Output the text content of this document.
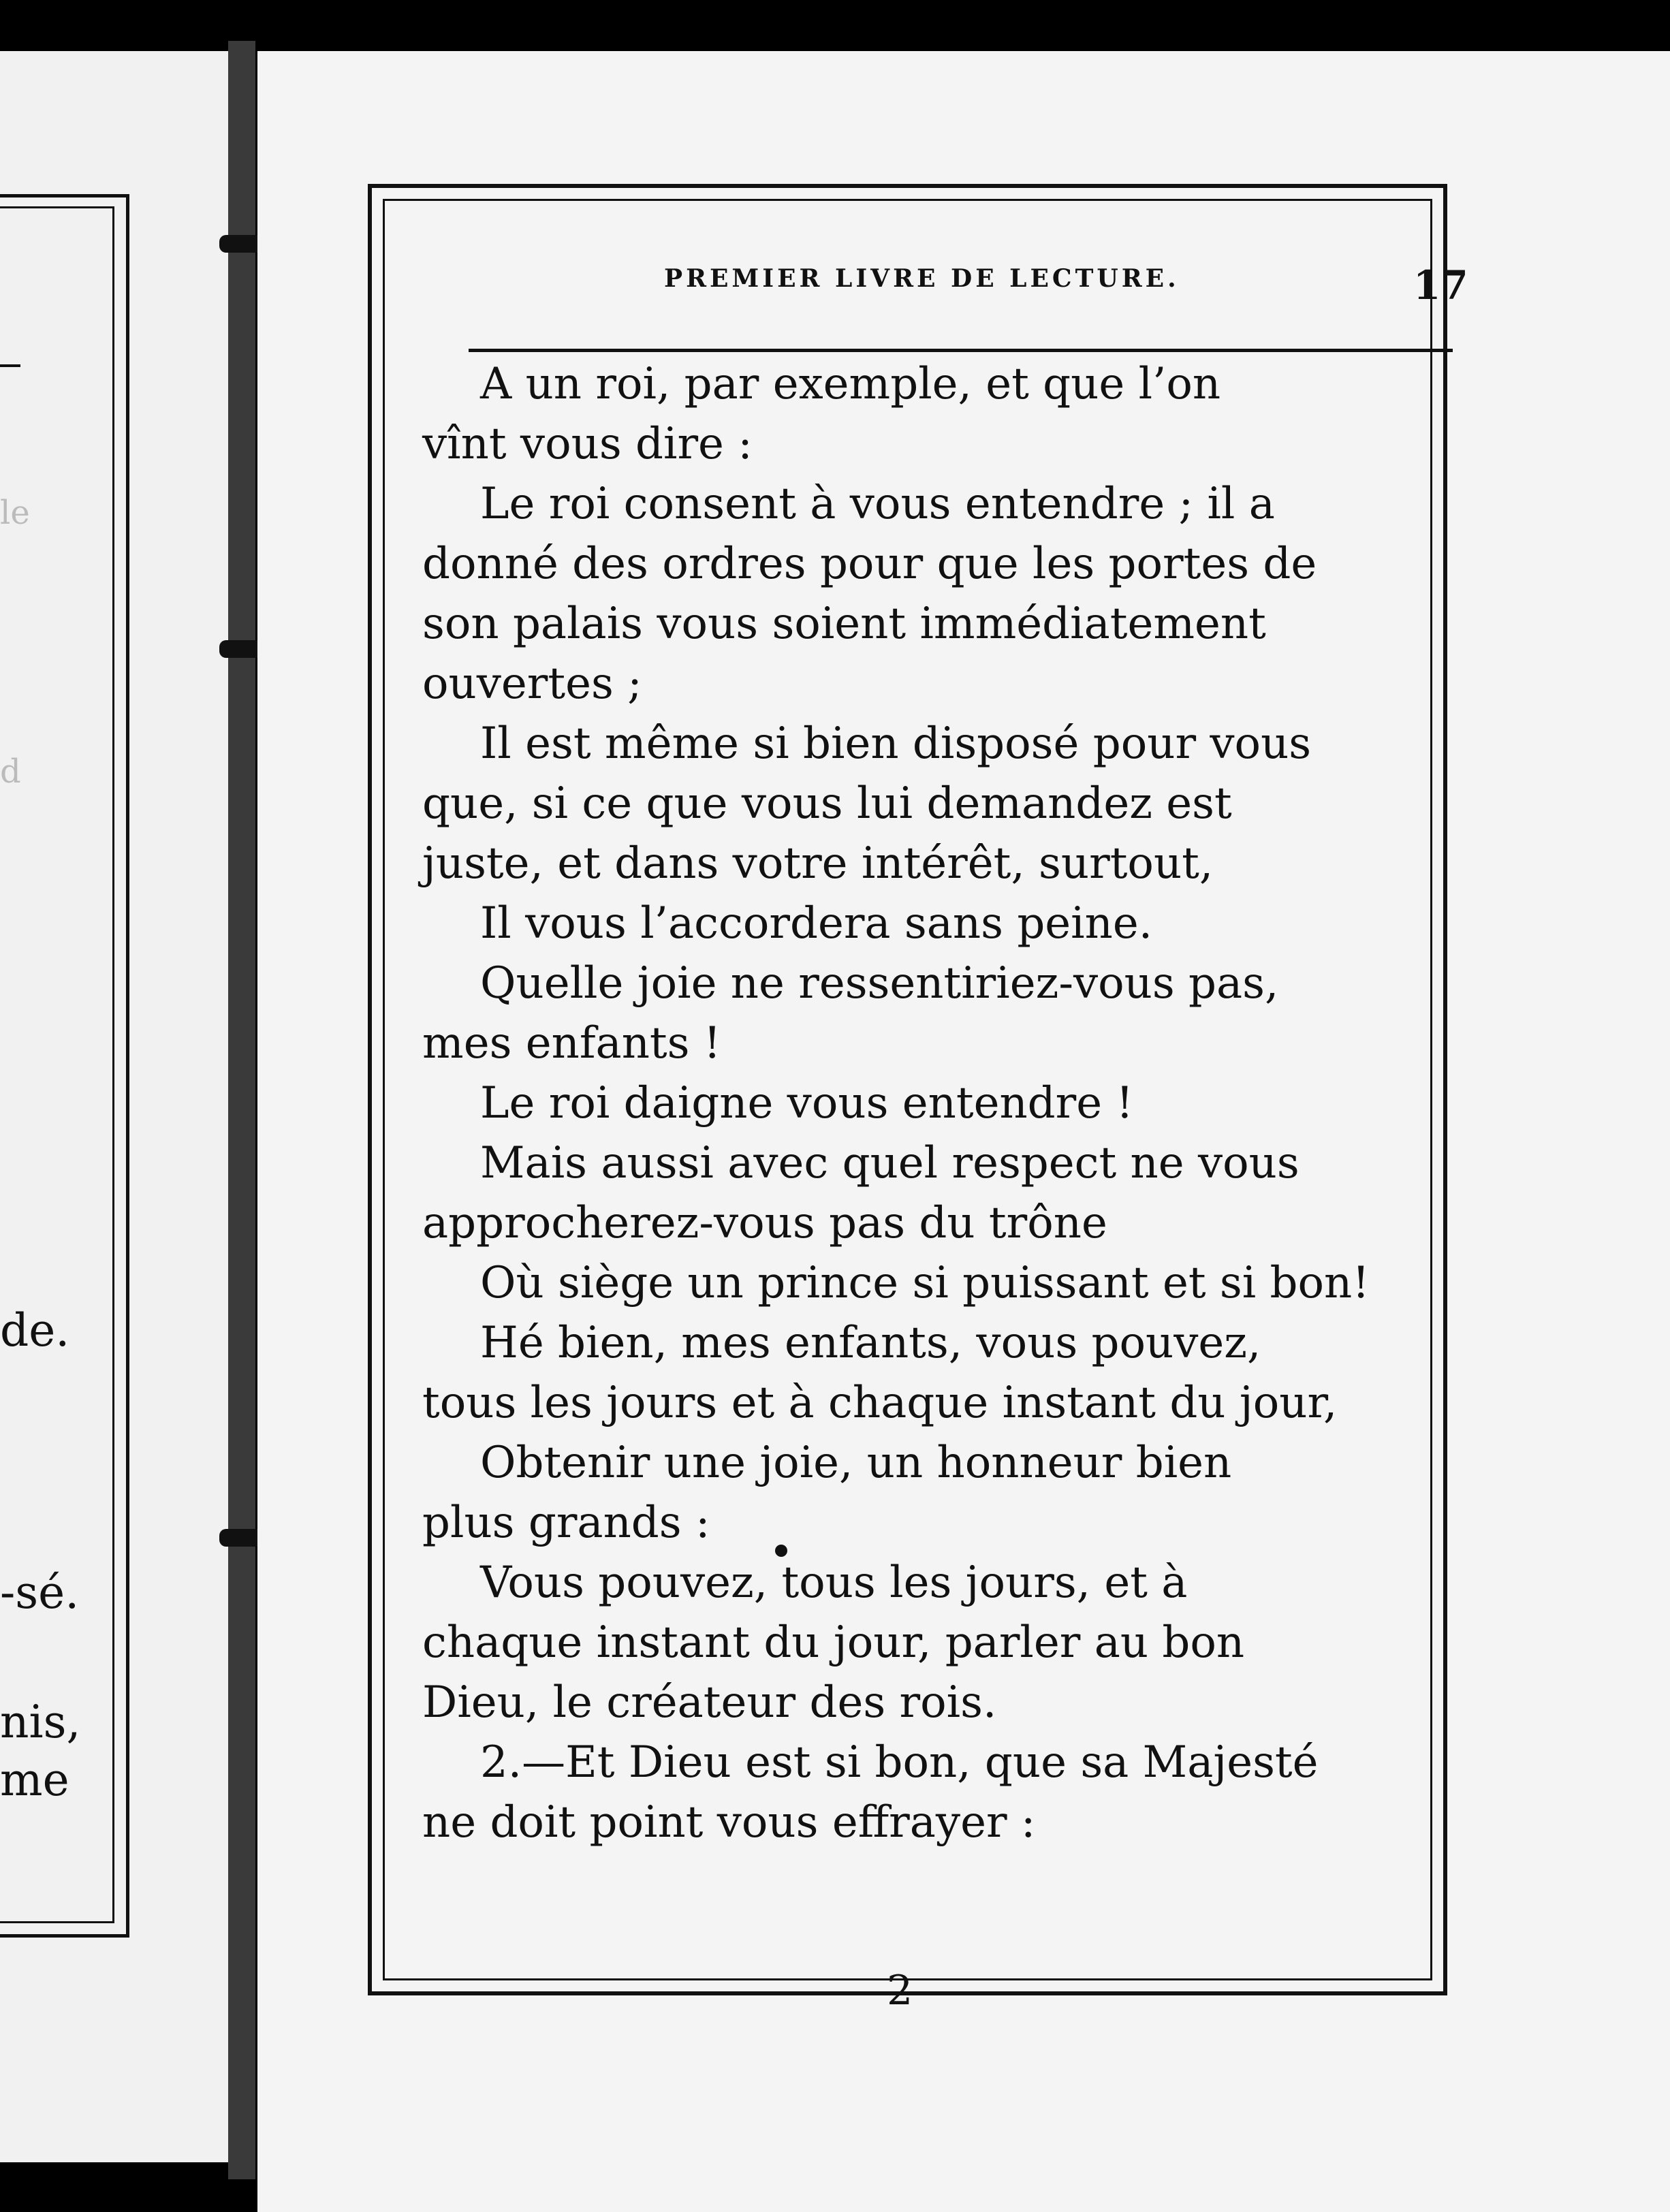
le
d
de.
-sé.
nis,
me
PREMIER LIVRE DE LECTURE.	17
A un roi, par exemple, et que l’on
vînt vous dire :
Le roi consent à vous entendre ; il a
donné des ordres pour que les portes de
son palais vous soient immédiatement
ouvertes ;
Il est même si bien disposé pour vous
que, si ce que vous lui demandez est
juste, et dans votre intérêt, surtout,
Il vous l’accordera sans peine.
Quelle joie ne ressentiriez-vous pas,
mes enfants !
Le roi daigne vous entendre !
Mais aussi avec quel respect ne vous
approcherez-vous pas du trône
Où siège un prince si puissant et si bon!
Hé bien, mes enfants, vous pouvez,
tous les jours et à chaque instant du jour,
Obtenir une joie, un honneur bien
plus grands :
Vous pouvez, tous les jours, et à
chaque instant du jour, parler au bon
Dieu, le créateur des rois.
2.—Et Dieu est si bon, que sa Majesté
ne doit point vous effrayer :
2
